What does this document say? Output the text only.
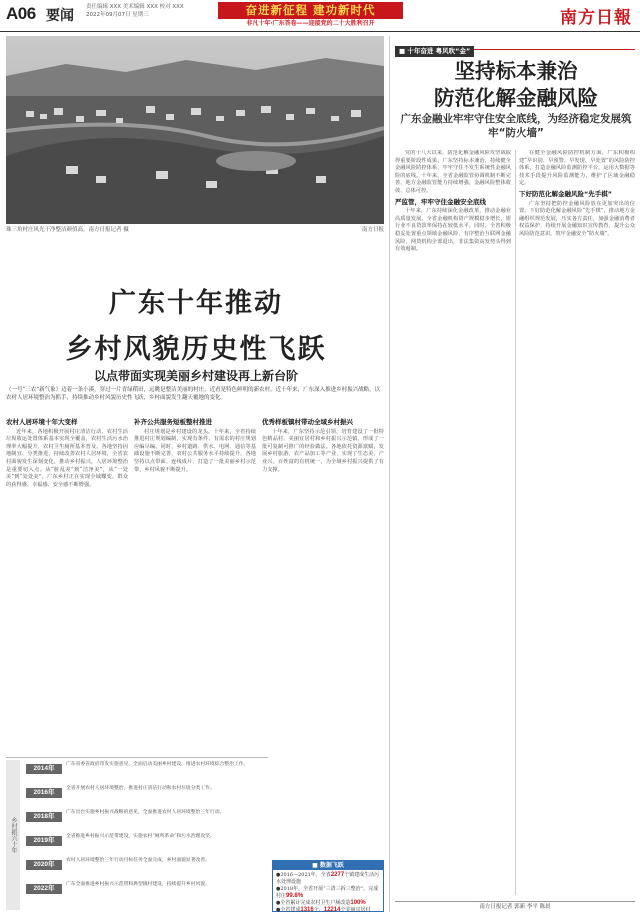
A06 要闻
责任编辑 XXX 美术编辑 XXX 校对 XXX
2022年09月07日 星期三	奋进新征程 建功新时代
非凡十年·广东答卷——迎接党的二十大胜利召开	南方日報
珠三角村庄风光干净整洁颜值高。南方日报记者 摄	南方日报
广东十年推动
乡村风貌历史性飞跃
以点带面实现美丽乡村建设再上新台阶
（一号“三农”新气象）迈着一条小溪，穿过一片青绿稻田，远眺是整洁美丽的村庄，近看是特色鲜明的新农村。近十年来，广东深入推进乡村振兴战略，以农村人居环境整治为抓手，持续推动乡村风貌历史性飞跃，乡村面貌发生翻天覆地的变化。
农村人居环境十年大变样

近年来，各地积极开展村庄清洁行动，农村生活垃圾收运处置体系基本实现全覆盖，农村生活污水治理率大幅提升，农村卫生厕所基本普及。各地坚持因地制宜、分类推进，持续改善农村人居环境，全省农村面貌发生深刻变化。推动乡村振兴，人居环境整治是重要切入点。从“脏乱差”到“洁净美”，从“一处美”到“处处美”，广东乡村正在实现全域蝶变。群众的获得感、幸福感、安全感不断增强。

补齐公共服务短板整村推进

村庄规划是乡村建设的龙头。十年来，全省持续推进村庄规划编制，实现有条件、有需求的村庄规划应编尽编。同时，乡村道路、供水、电网、通信等基础设施不断完善，农村公共服务水平持续提升。各地坚持以点带面、连线成片，打造了一批美丽乡村示范带，乡村风貌不断提升。

优秀样板镇村带动全域乡村振兴

十年来，广东坚持示范引领，培育建设了一批特色精品村、美丽宜居村和乡村振兴示范镇，形成了一批可复制可推广的经验做法。各地依托资源禀赋，发展乡村旅游、农产品加工等产业，实现了生态美、产业兴、百姓富的有机统一，为全域乡村振兴提供了有力支撑。

乡村振兴十年
2014年
广东省委省政府印发实施意见，全面启动美丽乡村建设，推进农村环境综合整治工作。
2016年
全省开展农村人居环境整治，推进村庄清洁行动和农村垃圾分类工作。
2018年
广东出台实施乡村振兴战略的意见，全面推进农村人居环境整治三年行动。
2019年
全省推进乡村振兴示范带建设，实施农村“厕所革命”和污水治理攻坚。
2020年
农村人居环境整治三年行动目标任务全面完成，乡村面貌显著改善。
2022年
广东全面推进乡村振兴示范带和典型镇村建设，持续提升乡村风貌。
■ 数据飞跃
●2016—2021年，全省2277个镇建成生活污水处理设施
●2018年，全省开展“三清三拆三整治”，完成村庄99.8%
●全省累计完成农村卫生户厕改造100%
●全省建成1316个、12214个美丽宜居村
■ 十年奋进 粤风吹“金”
坚持标本兼治
防范化解金融风险
广东金融业牢牢守住安全底线，为经济稳定发展筑牢“防火墙”

党的十八大以来，防范化解金融风险攻坚战取得重要阶段性成果，广东坚持标本兼治，持续健全金融风险防控体系，牢牢守住不发生系统性金融风险的底线。十年来，全省金融监管协调机制不断完善，地方金融监管能力持续增强，金融风险整体收敛、总体可控。

严监管，牢牢守住金融安全底线

十年来，广东持续深化金融改革，推动金融业高质量发展。全省金融机构资产规模稳步增长，银行业不良贷款率保持在较低水平。同时，全省积极稳妥处置重点领域金融风险，有序整治互联网金融风险，网贷机构全部退出，非法集资高发势头得到有效遏制。

在健全金融风险防控机制方面，广东积极构建“早识别、早预警、早发现、早处置”的风险防控体系，打造金融风险监测防控平台，运用大数据等技术手段提升风险监测能力，维护了区域金融稳定。

下好防范化解金融风险“先手棋”

广东坚持把防控金融风险放在更加突出的位置，下好防范化解金融风险“先手棋”，推动地方金融组织规范发展，压实各方责任，加强金融消费者权益保护，持续开展金融知识宣传教育，提升公众风险防范意识，筑牢金融安全“防火墙”。

南方日报记者 郭新 李平 陈晨
